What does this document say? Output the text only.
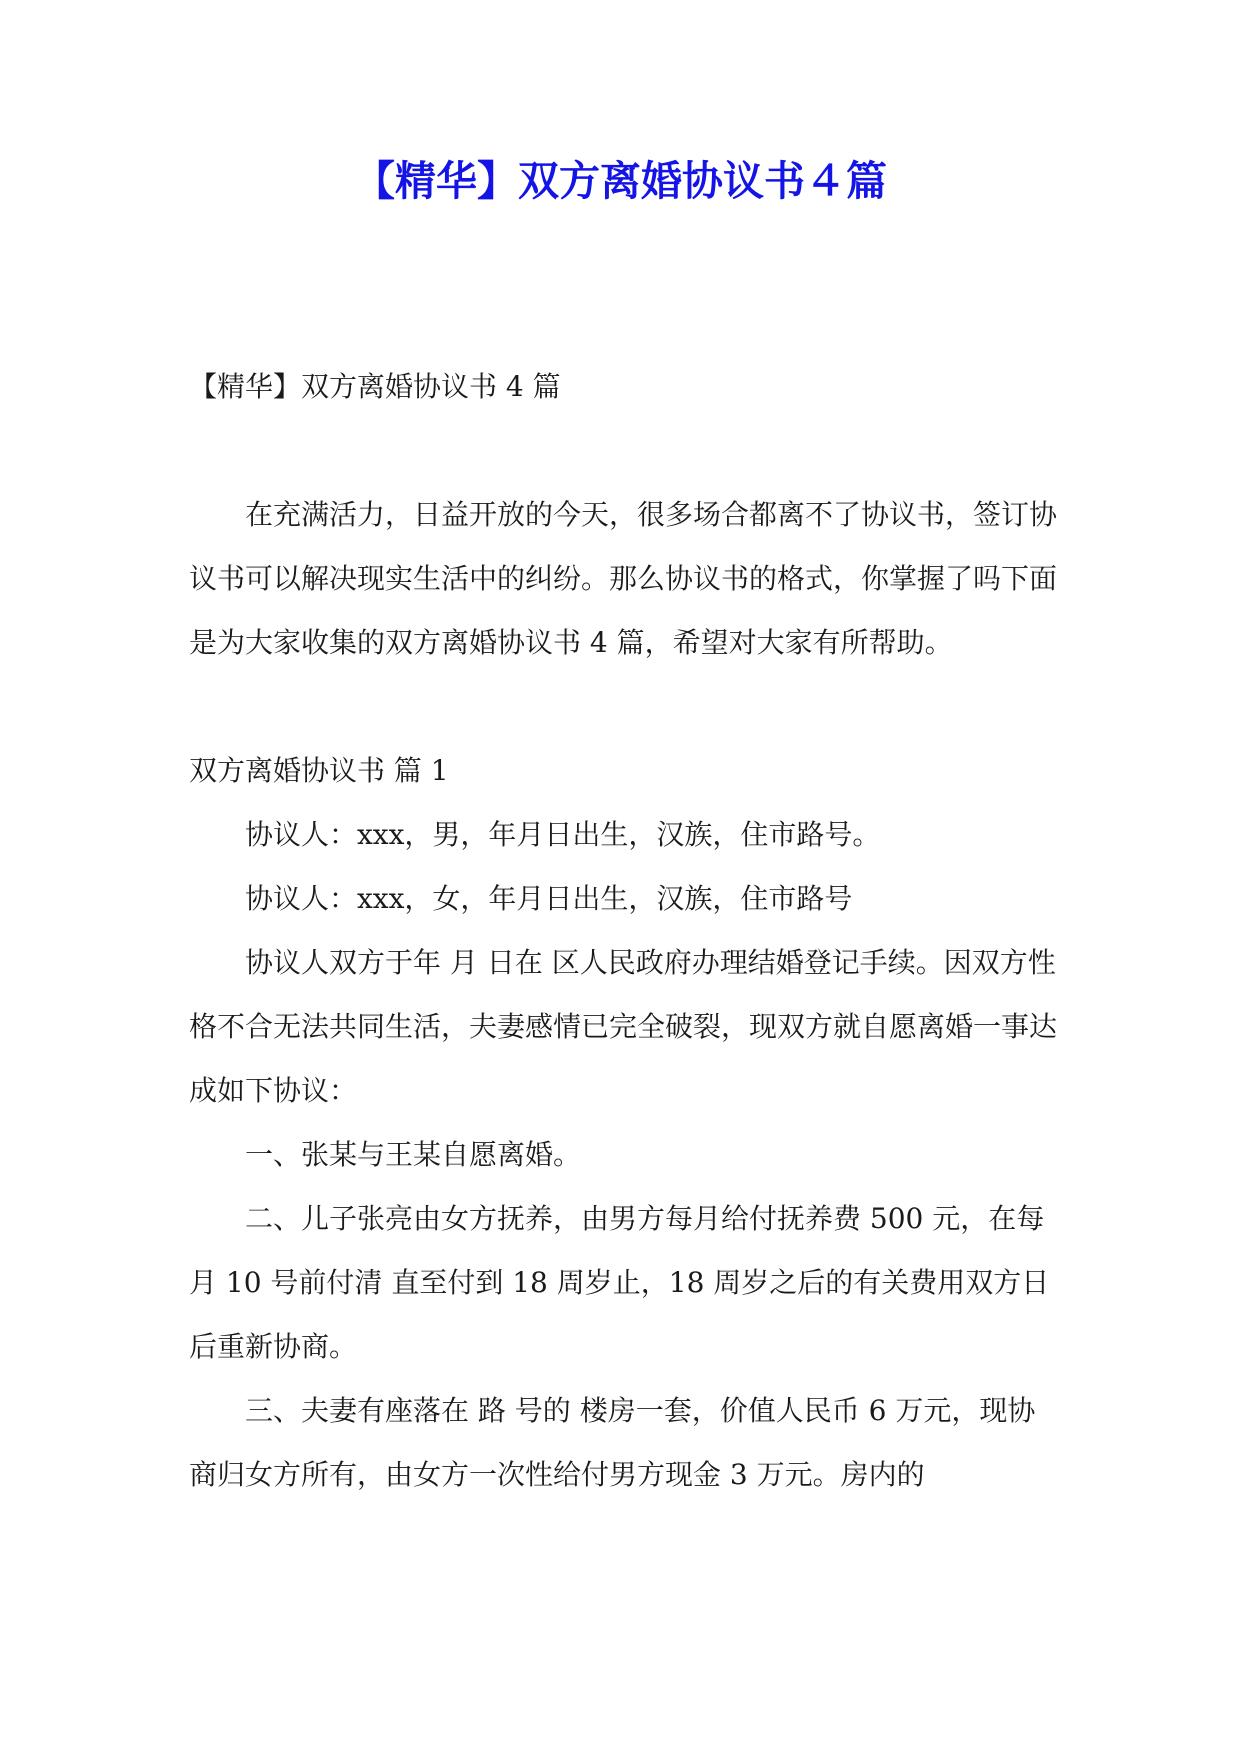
【精华】双方离婚协议书４篇

【精华】双方离婚协议书 4 篇

在充满活力，日益开放的今天，很多场合都离不了协议书，签订协议书可以解决现实生活中的纠纷。那么协议书的格式，你掌握了吗下面是为大家收集的双方离婚协议书 4 篇，希望对大家有所帮助。

双方离婚协议书 篇 1

协议人：xxx，男，年月日出生，汉族，住市路号。

协议人：xxx，女，年月日出生，汉族，住市路号

协议人双方于年 月 日在 区人民政府办理结婚登记手续。因双方性格不合无法共同生活，夫妻感情已完全破裂，现双方就自愿离婚一事达成如下协议：

一、张某与王某自愿离婚。

二、儿子张亮由女方抚养，由男方每月给付抚养费 500 元，在每月 10 号前付清 直至付到 18 周岁止，18 周岁之后的有关费用双方日后重新协商。

三、夫妻有座落在 路 号的 楼房一套，价值人民币 6 万元，现协商归女方所有，由女方一次性给付男方现金 3 万元。房内的
